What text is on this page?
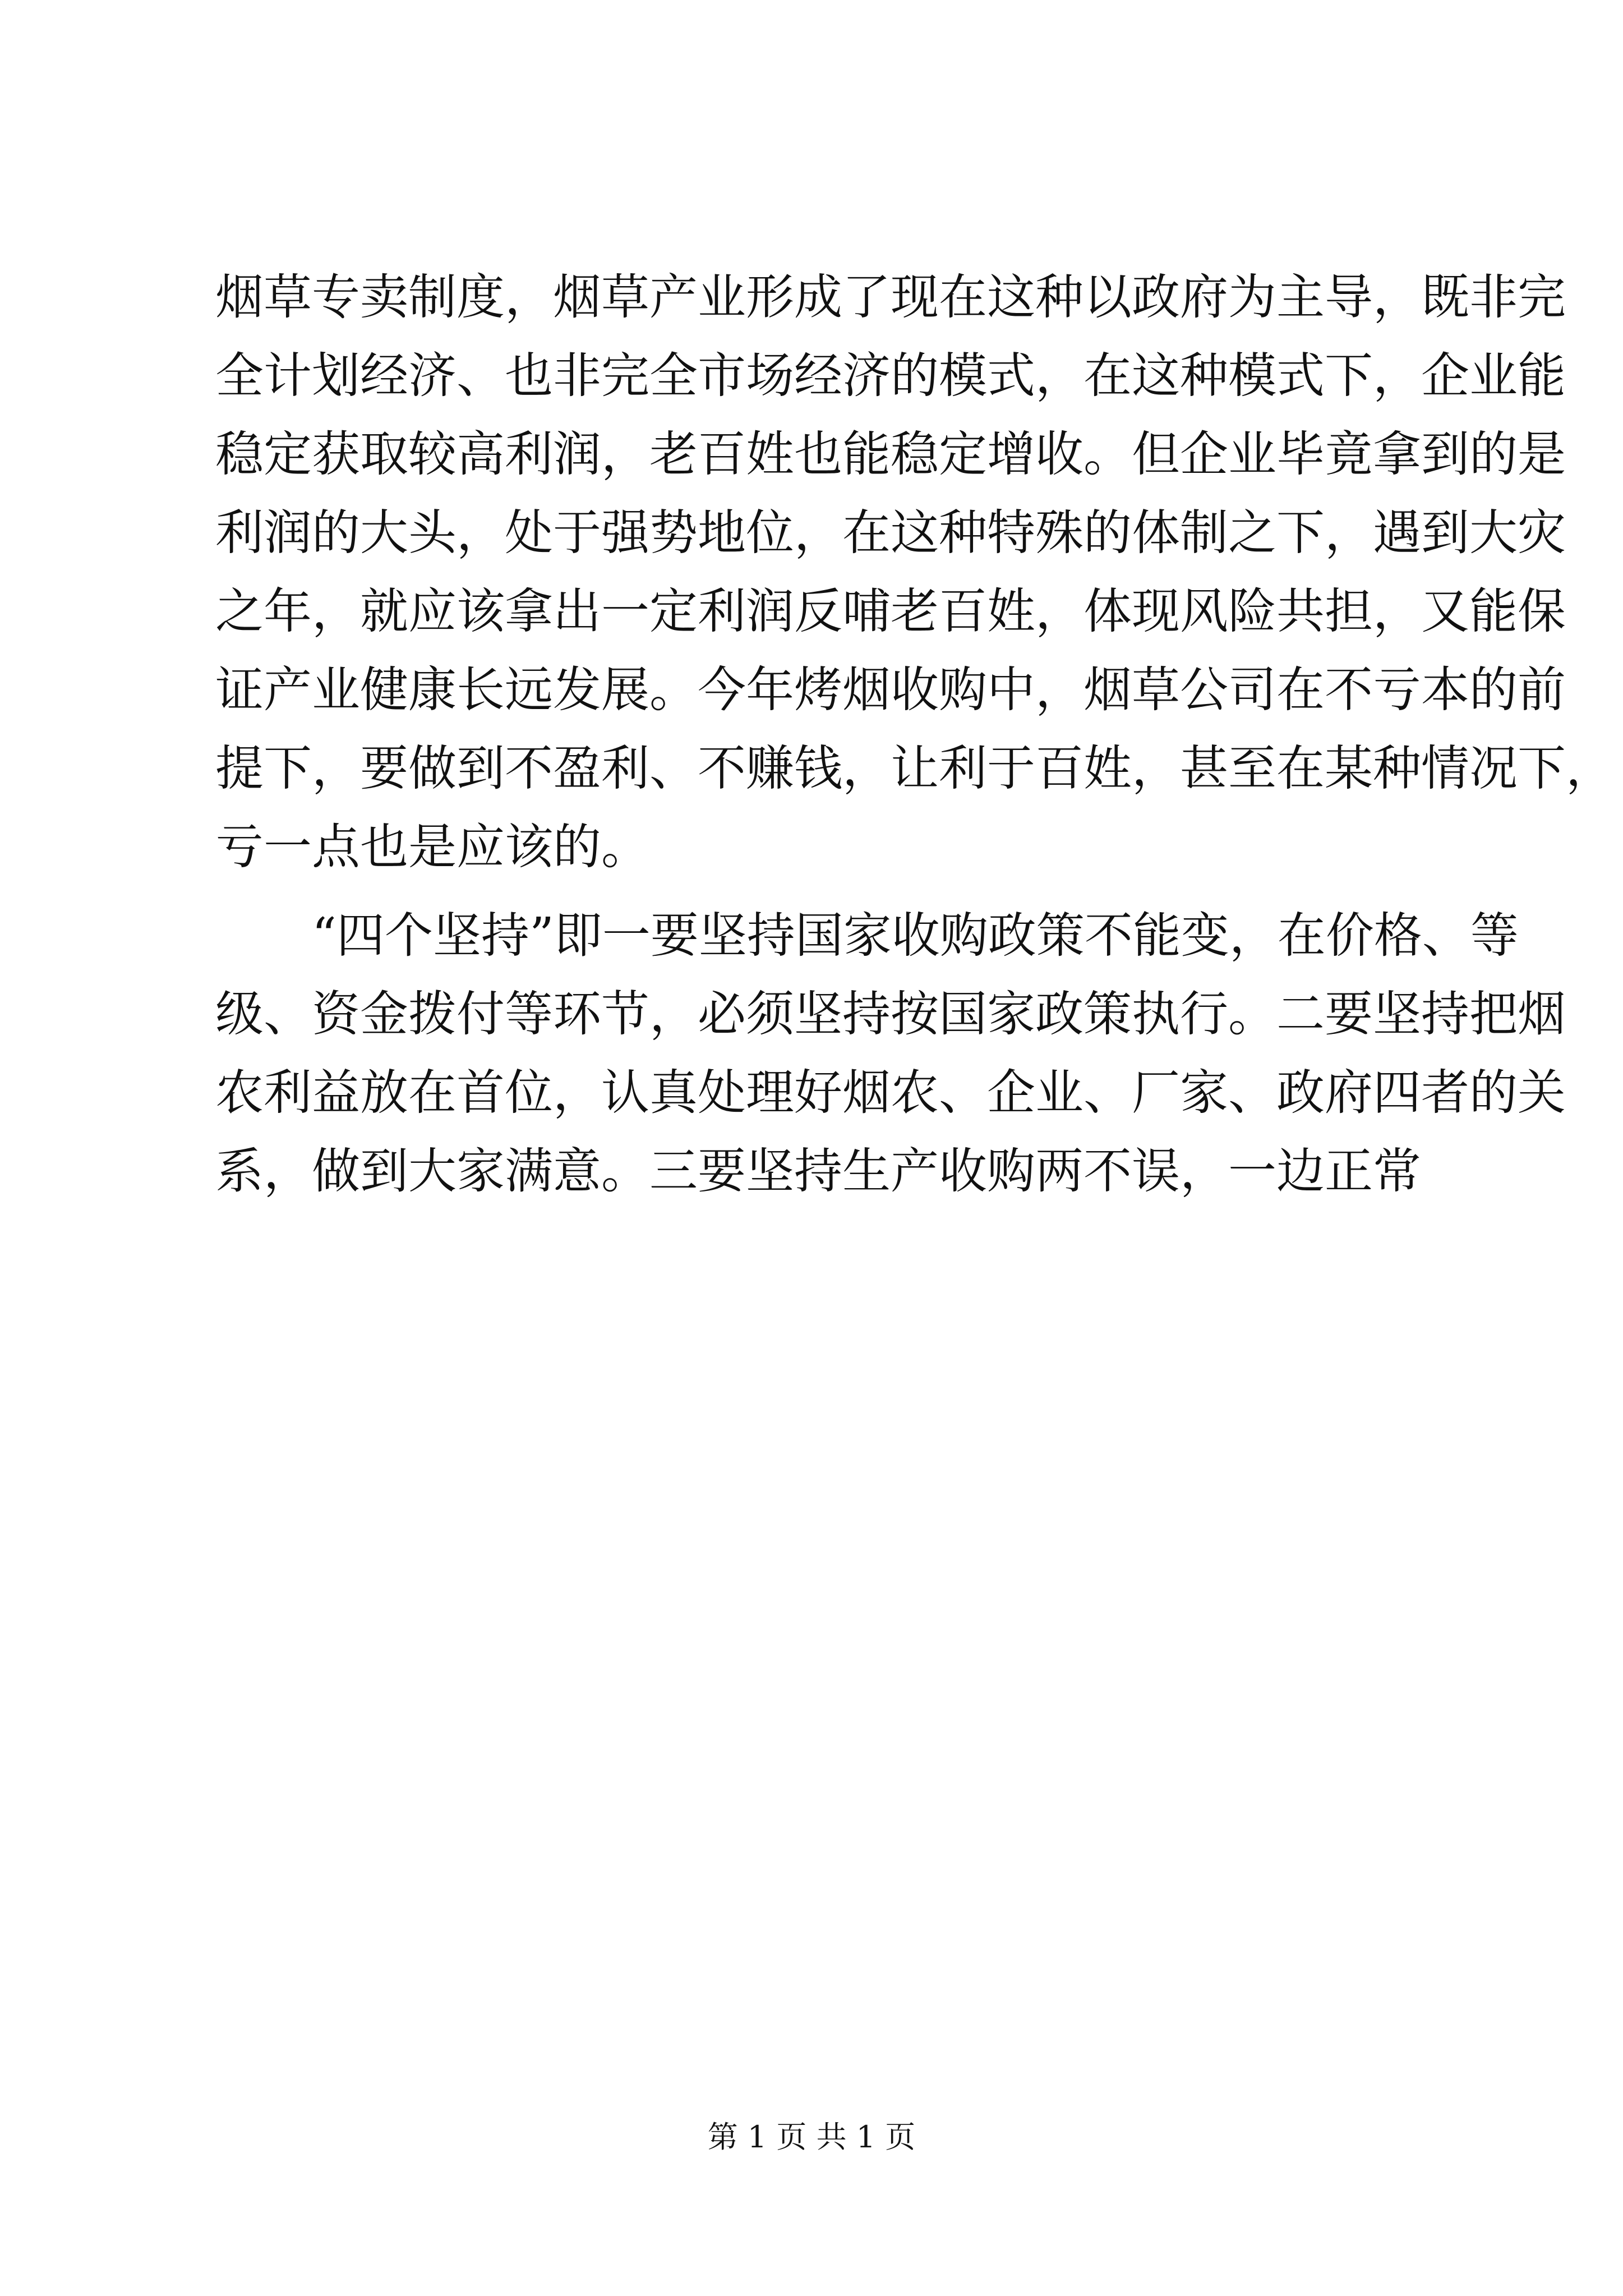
烟草专卖制度，烟草产业形成了现在这种以政府为主导，既非完
全计划经济、也非完全市场经济的模式，在这种模式下，企业能
稳定获取较高利润，老百姓也能稳定增收。但企业毕竟拿到的是
利润的大头，处于强势地位，在这种特殊的体制之下，遇到大灾
之年，就应该拿出一定利润反哺老百姓，体现风险共担，又能保
证产业健康长远发展。今年烤烟收购中，烟草公司在不亏本的前
提下，要做到不盈利、不赚钱，让利于百姓，甚至在某种情况下，
亏一点也是应该的。
“四个坚持”即一要坚持国家收购政策不能变，在价格、等
级、资金拨付等环节，必须坚持按国家政策执行。二要坚持把烟
农利益放在首位，认真处理好烟农、企业、厂家、政府四者的关
系，做到大家满意。三要坚持生产收购两不误，一边正常
第 1 页 共 1 页
